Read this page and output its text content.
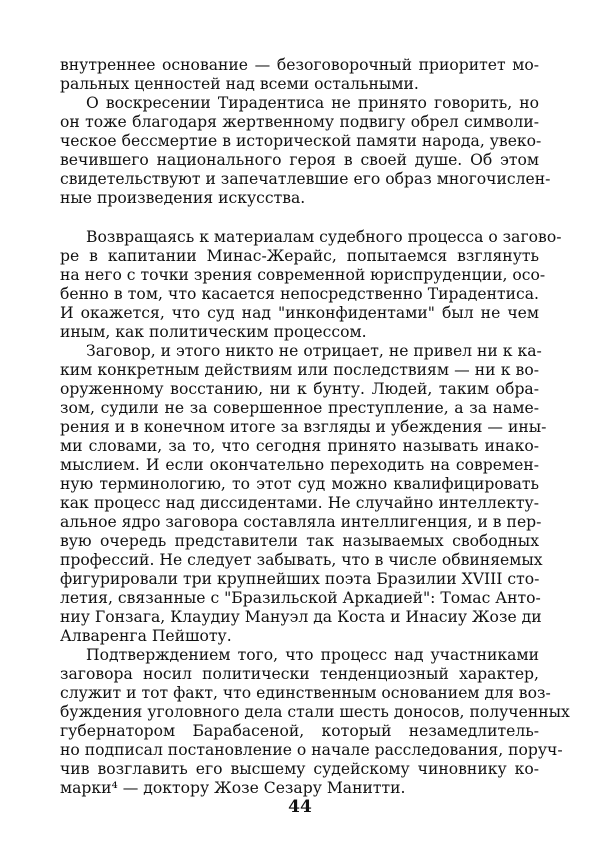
внутреннее основание — безоговорочный приоритет мо-
ральных ценностей над всеми остальными.
О воскресении Тирадентиса не принято говорить, но
он тоже благодаря жертвенному подвигу обрел символи-
ческое бессмертие в исторической памяти народа, увеко-
вечившего национального героя в своей душе. Об этом
свидетельствуют и запечатлевшие его образ многочислен-
ные произведения искусства.
Возвращаясь к материалам судебного процесса о загово-
ре в капитании Минас-Жерайс, попытаемся взглянуть
на него с точки зрения современной юриспруденции, осо-
бенно в том, что касается непосредственно Тирадентиса.
И окажется, что суд над "инконфидентами" был не чем
иным, как политическим процессом.
Заговор, и этого никто не отрицает, не привел ни к ка-
ким конкретным действиям или последствиям — ни к во-
оруженному восстанию, ни к бунту. Людей, таким обра-
зом, судили не за совершенное преступление, а за наме-
рения и в конечном итоге за взгляды и убеждения — ины-
ми словами, за то, что сегодня принято называть инако-
мыслием. И если окончательно переходить на современ-
ную терминологию, то этот суд можно квалифицировать
как процесс над диссидентами. Не случайно интеллекту-
альное ядро заговора составляла интеллигенция, и в пер-
вую очередь представители так называемых свободных
профессий. Не следует забывать, что в числе обвиняемых
фигурировали три крупнейших поэта Бразилии XVIII сто-
летия, связанные с "Бразильской Аркадией": Томас Анто-
ниу Гонзага, Клаудиу Мануэл да Коста и Инасиу Жозе ди
Алваренга Пейшоту.
Подтверждением того, что процесс над участниками
заговора носил политически тенденциозный характер,
служит и тот факт, что единственным основанием для воз-
буждения уголовного дела стали шесть доносов, полученных
губернатором Барабасеной, который незамедлитель-
но подписал постановление о начале расследования, поруч-
чив возглавить его высшему судейскому чиновнику ко-
марки⁴ — доктору Жозе Сезару Манитти.
44
